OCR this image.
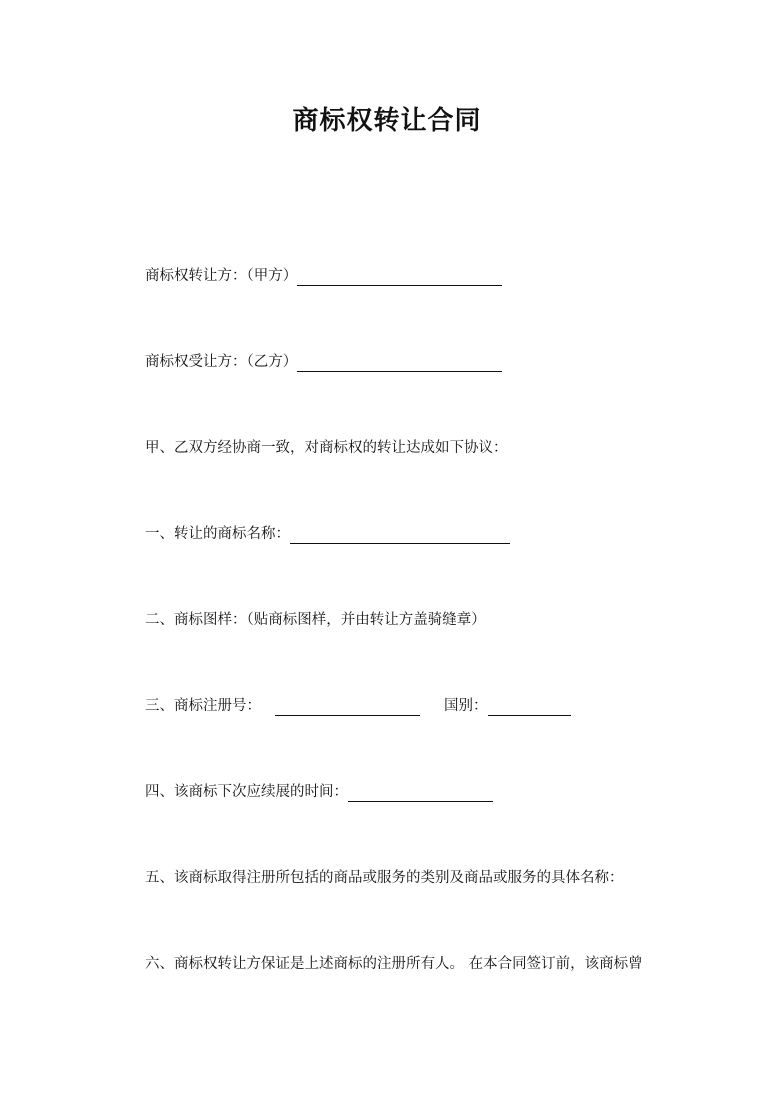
商标权转让合同
商标权转让方：（甲方）
商标权受让方：（乙方）
甲、乙双方经协商一致，对商标权的转让达成如下协议：
一、转让的商标名称：
二、商标图样：（贴商标图样，并由转让方盖骑缝章）
三、商标注册号：	国别：
四、该商标下次应续展的时间：
五、该商标取得注册所包括的商品或服务的类别及商品或服务的具体名称：
六、商标权转让方保证是上述商标的注册所有人。 在本合同签订前，该商标曾
